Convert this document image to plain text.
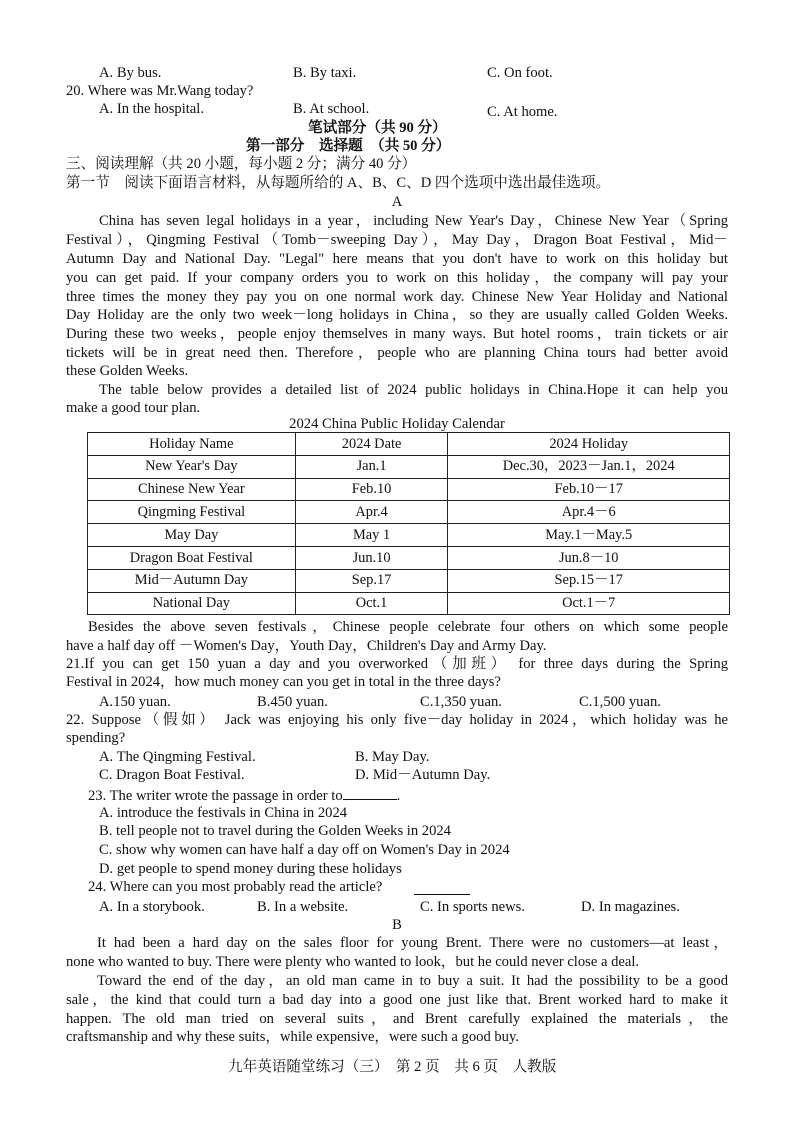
A. By bus.	B. By taxi.	C. On foot.
20. Where was Mr.Wang today?
A. In the hospital.	B. At school.	C. At home.
笔试部分（共 90 分）
第一部分　选择题　（共 50 分）
三、阅读理解（共 20 小题，每小题 2 分；满分 40 分）
第一节　阅读下面语言材料，从每题所给的 A、B、C、D 四个选项中选出最佳选项。
A
China has seven legal holidays in a year，including New Year's Day，Chinese New Year（Spring
Festival），Qingming Festival（Tomb－sweeping Day），May Day，Dragon Boat Festival，Mid－
Autumn Day and National Day. "Legal" here means that you don't have to work on this holiday but
you can get paid. If your company orders you to work on this holiday，the company will pay your
three times the money they pay you on one normal work day. Chinese New Year Holiday and National
Day Holiday are the only two week－long holidays in China，so they are usually called Golden Weeks.
During these two weeks，people enjoy themselves in many ways. But hotel rooms，train tickets or air
tickets will be in great need then. Therefore，people who are planning China tours had better avoid
these Golden Weeks.
The table below provides a detailed list of 2024 public holidays in China.Hope it can help you
make a good tour plan.
2024 China Public Holiday Calendar
Holiday Name	2024 Date	2024 Holiday
New Year's Day	Jan.1	Dec.30，2023－Jan.1，2024
Chinese New Year	Feb.10	Feb.10－17
Qingming Festival	Apr.4	Apr.4－6
May Day	May 1	May.1－May.5
Dragon Boat Festival	Jun.10	Jun.8－10
Mid－Autumn Day	Sep.17	Sep.15－17
National Day	Oct.1	Oct.1－7
Besides the above seven festivals，Chinese people celebrate four others on which some people
have a half day off －Women's Day，Youth Day，Children's Day and Army Day.
21.If you can get 150 yuan a day and you overworked（加班） for three days during the Spring
Festival in 2024，how much money can you get in total in the three days?
A.150 yuan.	B.450 yuan.	C.1,350 yuan.	C.1,500 yuan.
22. Suppose（假如） Jack was enjoying his only five－day holiday in 2024，which holiday was he
spending?
A. The Qingming Festival.	B. May Day.
C. Dragon Boat Festival.	D. Mid－Autumn Day.
23. The writer wrote the passage in order to	.
A. introduce the festivals in China in 2024
B. tell people not to travel during the Golden Weeks in 2024
C. show why women can have half a day off on Women's Day in 2024
D. get people to spend money during these holidays
24. Where can you most probably read the article?
A. In a storybook.	B. In a website.	C. In sports news.	D. In magazines.
B
It had been a hard day on the sales floor for young Brent. There were no customers—at least，
none who wanted to buy. There were plenty who wanted to look，but he could never close a deal.
Toward the end of the day，an old man came in to buy a suit. It had the possibility to be a good
sale，the kind that could turn a bad day into a good one just like that. Brent worked hard to make it
happen. The old man tried on several suits，and Brent carefully explained the materials，the
craftsmanship and why these suits，while expensive，were such a good buy.
九年英语随堂练习（三）　第 2 页　共 6 页　人教版
